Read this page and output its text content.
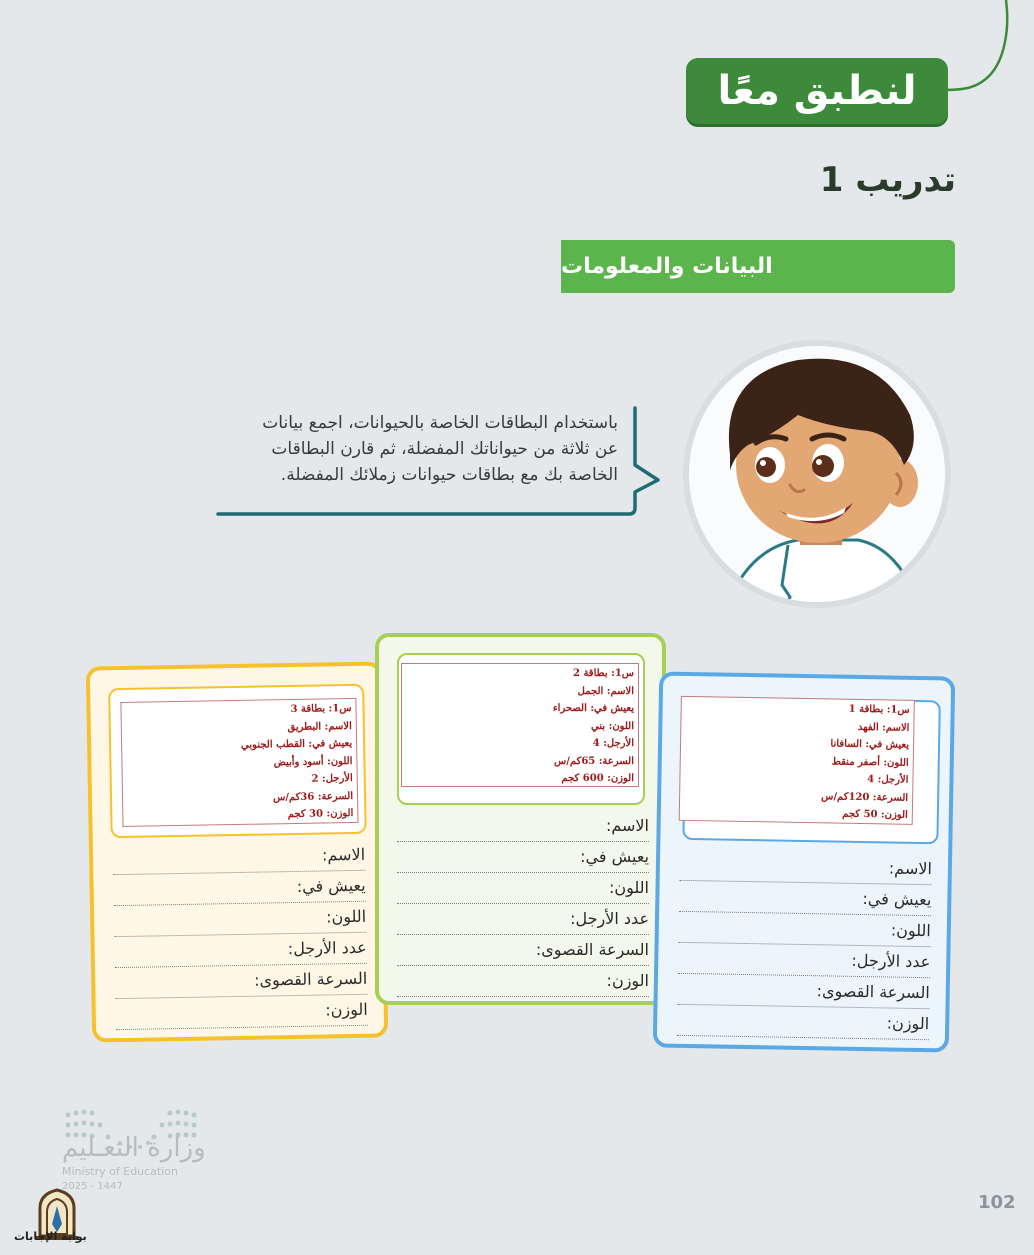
لنطبق معًا
تدريب 1
البيانات والمعلومات
باستخدام البطاقات الخاصة بالحيوانات، اجمع بيانات
عن ثلاثة من حيواناتك المفضلة، ثم قارن البطاقات
الخاصة بك مع بطاقات حيوانات زملائك المفضلة.
س1: بطاقة 3
الاسم: البطريق
يعيش في: القطب الجنوبي
اللون: أسود وأبيض
الأرجل: 2
السرعة: 36كم/س
الوزن: 30 كجم
الاسم:
يعيش في:
اللون:
عدد الأرجل:
السرعة القصوى:
الوزن:
س1: بطاقة 2
الاسم: الجمل
يعيش في: الصحراء
اللون: بني
الأرجل: 4
السرعة: 65كم/س
الوزن: 600 كجم
الاسم:
يعيش في:
اللون:
عدد الأرجل:
السرعة القصوى:
الوزن:
س1: بطاقة 1
الاسم: الفهد
يعيش في: السافانا
اللون: أصفر منقط
الأرجل: 4
السرعة: 120كم/س
الوزن: 50 كجم
الاسم:
يعيش في:
اللون:
عدد الأرجل:
السرعة القصوى:
الوزن:
وزارة التعـليم
Ministry of Education
2025 - 1447
102
بوابة الإجابات
